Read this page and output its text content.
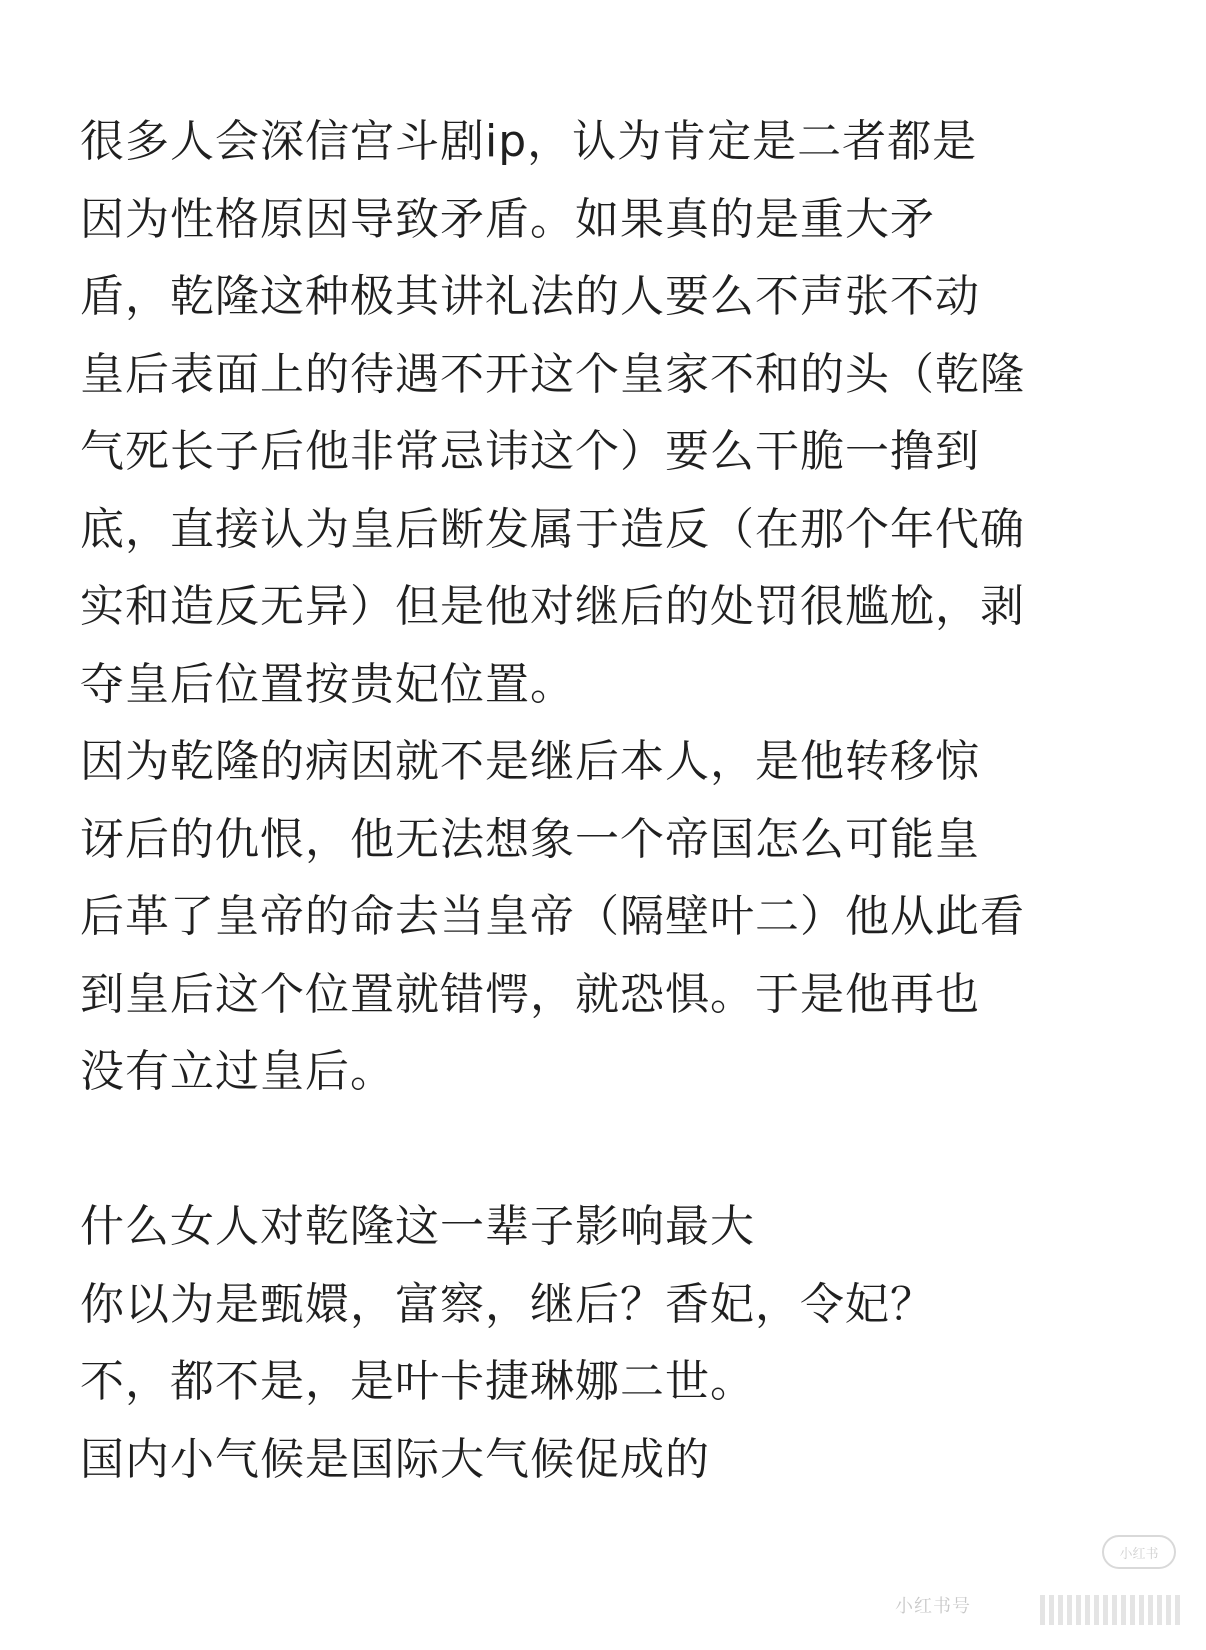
很多人会深信宫斗剧ip，认为肯定是二者都是
因为性格原因导致矛盾。如果真的是重大矛
盾，乾隆这种极其讲礼法的人要么不声张不动
皇后表面上的待遇不开这个皇家不和的头（乾隆
气死长子后他非常忌讳这个）要么干脆一撸到
底，直接认为皇后断发属于造反（在那个年代确
实和造反无异）但是他对继后的处罚很尴尬，剥
夺皇后位置按贵妃位置。
因为乾隆的病因就不是继后本人，是他转移惊
讶后的仇恨，他无法想象一个帝国怎么可能皇
后革了皇帝的命去当皇帝（隔壁叶二）他从此看
到皇后这个位置就错愕，就恐惧。于是他再也
没有立过皇后。
什么女人对乾隆这一辈子影响最大
你以为是甄嬛，富察，继后？香妃，令妃？
不，都不是，是叶卡捷琳娜二世。
国内小气候是国际大气候促成的
小红书
小红书号
